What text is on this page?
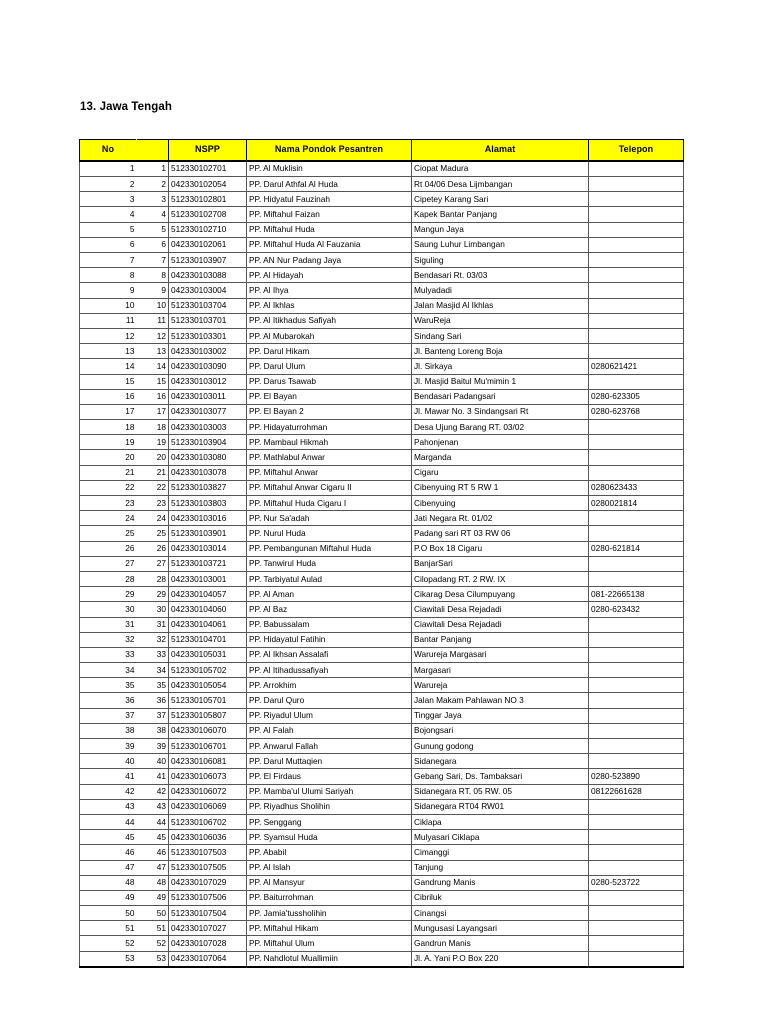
13. Jawa Tengah
No		NSPP	Nama Pondok Pesantren	Alamat	Telepon
1	1	512330102701	PP. Al Muklisin	Ciopat Madura	
2	2	042330102054	PP. Darul Athfal Al Huda	Rt 04/06 Desa Lijmbangan	
3	3	512330102801	PP. Hidyatul Fauzinah	Cipetey Karang Sari	
4	4	512330102708	PP. Miftahul Faizan	Kapek Bantar Panjang	
5	5	512330102710	PP. Miftahul Huda	Mangun Jaya	
6	6	042330102061	PP. Miftahul Huda Al Fauzania	Saung Luhur Limbangan	
7	7	512330103907	PP. AN Nur Padang Jaya	Siguling	
8	8	042330103088	PP. Al Hidayah	Bendasari Rt. 03/03	
9	9	042330103004	PP. Al Ihya	Mulyadadi	
10	10	512330103704	PP. Al Ikhlas	Jalan Masjid Al Ikhlas	
11	11	512330103701	PP. Al Itikhadus Safiyah	WaruReja	
12	12	512330103301	PP. Al Mubarokah	Sindang Sari	
13	13	042330103002	PP. Darul Hikam	Jl. Banteng Loreng Boja	
14	14	042330103090	PP. Darul Ulum	Jl. Sirkaya	0280621421
15	15	042330103012	PP. Darus Tsawab	Jl. Masjid Baitul Mu'mimin 1	
16	16	042330103011	PP. El Bayan	Bendasari Padangsari	0280-623305
17	17	042330103077	PP. El Bayan 2	Jl. Mawar No. 3 Sindangsari Rt	0280-623768
18	18	042330103003	PP. Hidayaturrohman	Desa Ujung Barang RT. 03/02	
19	19	512330103904	PP. Mambaul Hikmah	Pahonjenan	
20	20	042330103080	PP. Mathlabul Anwar	Marganda	
21	21	042330103078	PP. Miftahul Anwar	Cigaru	
22	22	512330103827	PP. Miftahul Anwar Cigaru II	Cibenyuing RT 5 RW 1	0280623433
23	23	512330103803	PP. Miftahul Huda Cigaru I	Cibenyuing	0280021814
24	24	042330103016	PP. Nur Sa'adah	Jati Negara Rt. 01/02	
25	25	512330103901	PP. Nurul Huda	Padang sari RT 03 RW 06	
26	26	042330103014	PP. Pembangunan Miftahul Huda	P.O Box 18 Cigaru	0280-621814
27	27	512330103721	PP. Tanwirul Huda	BanjarSari	
28	28	042330103001	PP. Tarbiyatul Aulad	Cilopadang RT. 2 RW. IX	
29	29	042330104057	PP. Al Aman	Cikarag Desa Cilumpuyang	081-22665138
30	30	042330104060	PP. Al Baz	Ciawitali Desa Rejadadi	0280-623432
31	31	042330104061	PP. Babussalam	Ciawitali Desa Rejadadi	
32	32	512330104701	PP. Hidayatul Fatihin	Bantar Panjang	
33	33	042330105031	PP. Al Ikhsan Assalafi	Warureja Margasari	
34	34	512330105702	PP. Al Itihadussafiyah	Margasari	
35	35	042330105054	PP. Arrokhim	Warureja	
36	36	512330105701	PP. Darul Quro	Jalan Makam Pahlawan NO 3	
37	37	512330105807	PP. Riyadul Ulum	Tinggar Jaya	
38	38	042330106070	PP. Al Falah	Bojongsari	
39	39	512330106701	PP. Anwarul Fallah	Gunung godong	
40	40	042330106081	PP. Darul Muttaqien	Sidanegara	
41	41	042330106073	PP. El Firdaus	Gebang Sari, Ds. Tambaksari	0280-523890
42	42	042330106072	PP. Mamba'ul Ulumi Sariyah	Sidanegara RT. 05 RW. 05	08122661628
43	43	042330106069	PP. Riyadhus Sholihin	Sidanegara RT04 RW01	
44	44	512330106702	PP. Senggang	Ciklapa	
45	45	042330106036	PP. Syamsul Huda	Mulyasari Ciklapa	
46	46	512330107503	PP. Ababil	Cimanggi	
47	47	512330107505	PP. Al Islah	Tanjung	
48	48	042330107029	PP. Al Mansyur	Gandrung Manis	0280-523722
49	49	512330107506	PP. Baiturrohman	Cibriluk	
50	50	512330107504	PP. Jamia'tussholihin	Cinangsi	
51	51	042330107027	PP. Miftahul Hikam	Mungusasi Layangsari	
52	52	042330107028	PP. Miftahul Ulum	Gandrun Manis	
53	53	042330107064	PP. Nahdlotul Muallimiin	Jl. A. Yani P.O Box 220	
